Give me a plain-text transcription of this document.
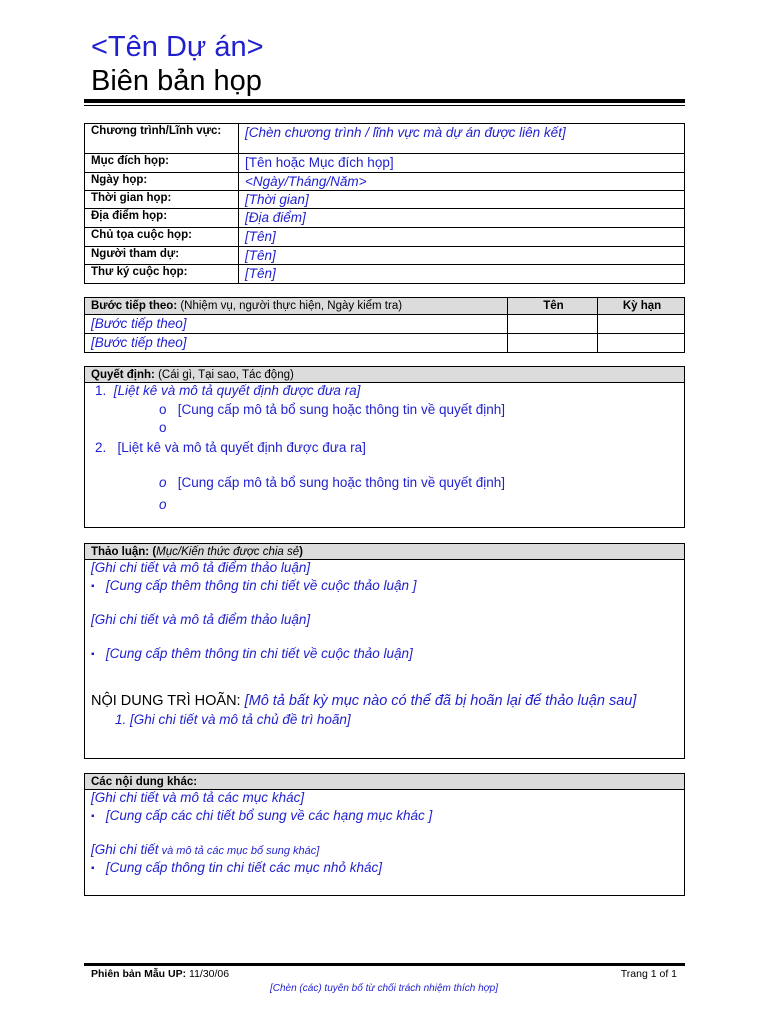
<Tên Dự án>
Biên bản họp
Chương trình/Lĩnh vực:	[Chèn chương trình / lĩnh vực mà dự án được liên kết]
Mục đích họp:	[Tên hoặc Mục đích họp]
Ngày họp:	<Ngày/Tháng/Năm>
Thời gian họp:	[Thời gian]
Địa điểm họp:	[Địa điểm]
Chủ tọa cuộc họp:	[Tên]
Người tham dự:	[Tên]
Thư ký cuộc họp:	[Tên]
Bước tiếp theo: (Nhiệm vụ, người thực hiện, Ngày kiểm tra)	Tên	Kỳ hạn
[Bước tiếp theo]		
[Bước tiếp theo]		
Quyết định: (Cái gì, Tại sao, Tác động)
1. [Liệt kê và mô tả quyết định được đưa ra]
o [Cung cấp mô tả bổ sung hoặc thông tin về quyết định]
o
2. [Liệt kê và mô tả quyết định được đưa ra]
o [Cung cấp mô tả bổ sung hoặc thông tin về quyết định]
o
Thảo luận: (Mục/Kiến thức được chia sẻ)
[Ghi chi tiết và mô tả điểm thảo luận]
▪ [Cung cấp thêm thông tin chi tiết về cuộc thảo luận ]
[Ghi chi tiết và mô tả điểm thảo luận]
▪ [Cung cấp thêm thông tin chi tiết về cuộc thảo luận]
NỘI DUNG TRÌ HOÃN: [Mô tả bất kỳ mục nào có thể đã bị hoãn lại để thảo luận sau]
1. [Ghi chi tiết và mô tả chủ đề trì hoãn]
Các nội dung khác:
[Ghi chi tiết và mô tả các mục khác]
▪ [Cung cấp các chi tiết bổ sung về các hạng mục khác ]
[Ghi chi tiết và mô tả các mục bổ sung khác]
▪ [Cung cấp thông tin chi tiết các mục nhỏ khác]
Phiên bản Mẫu UP: 11/30/06	Trang 1 of 1
[Chèn (các) tuyên bố từ chối trách nhiệm thích hợp]
